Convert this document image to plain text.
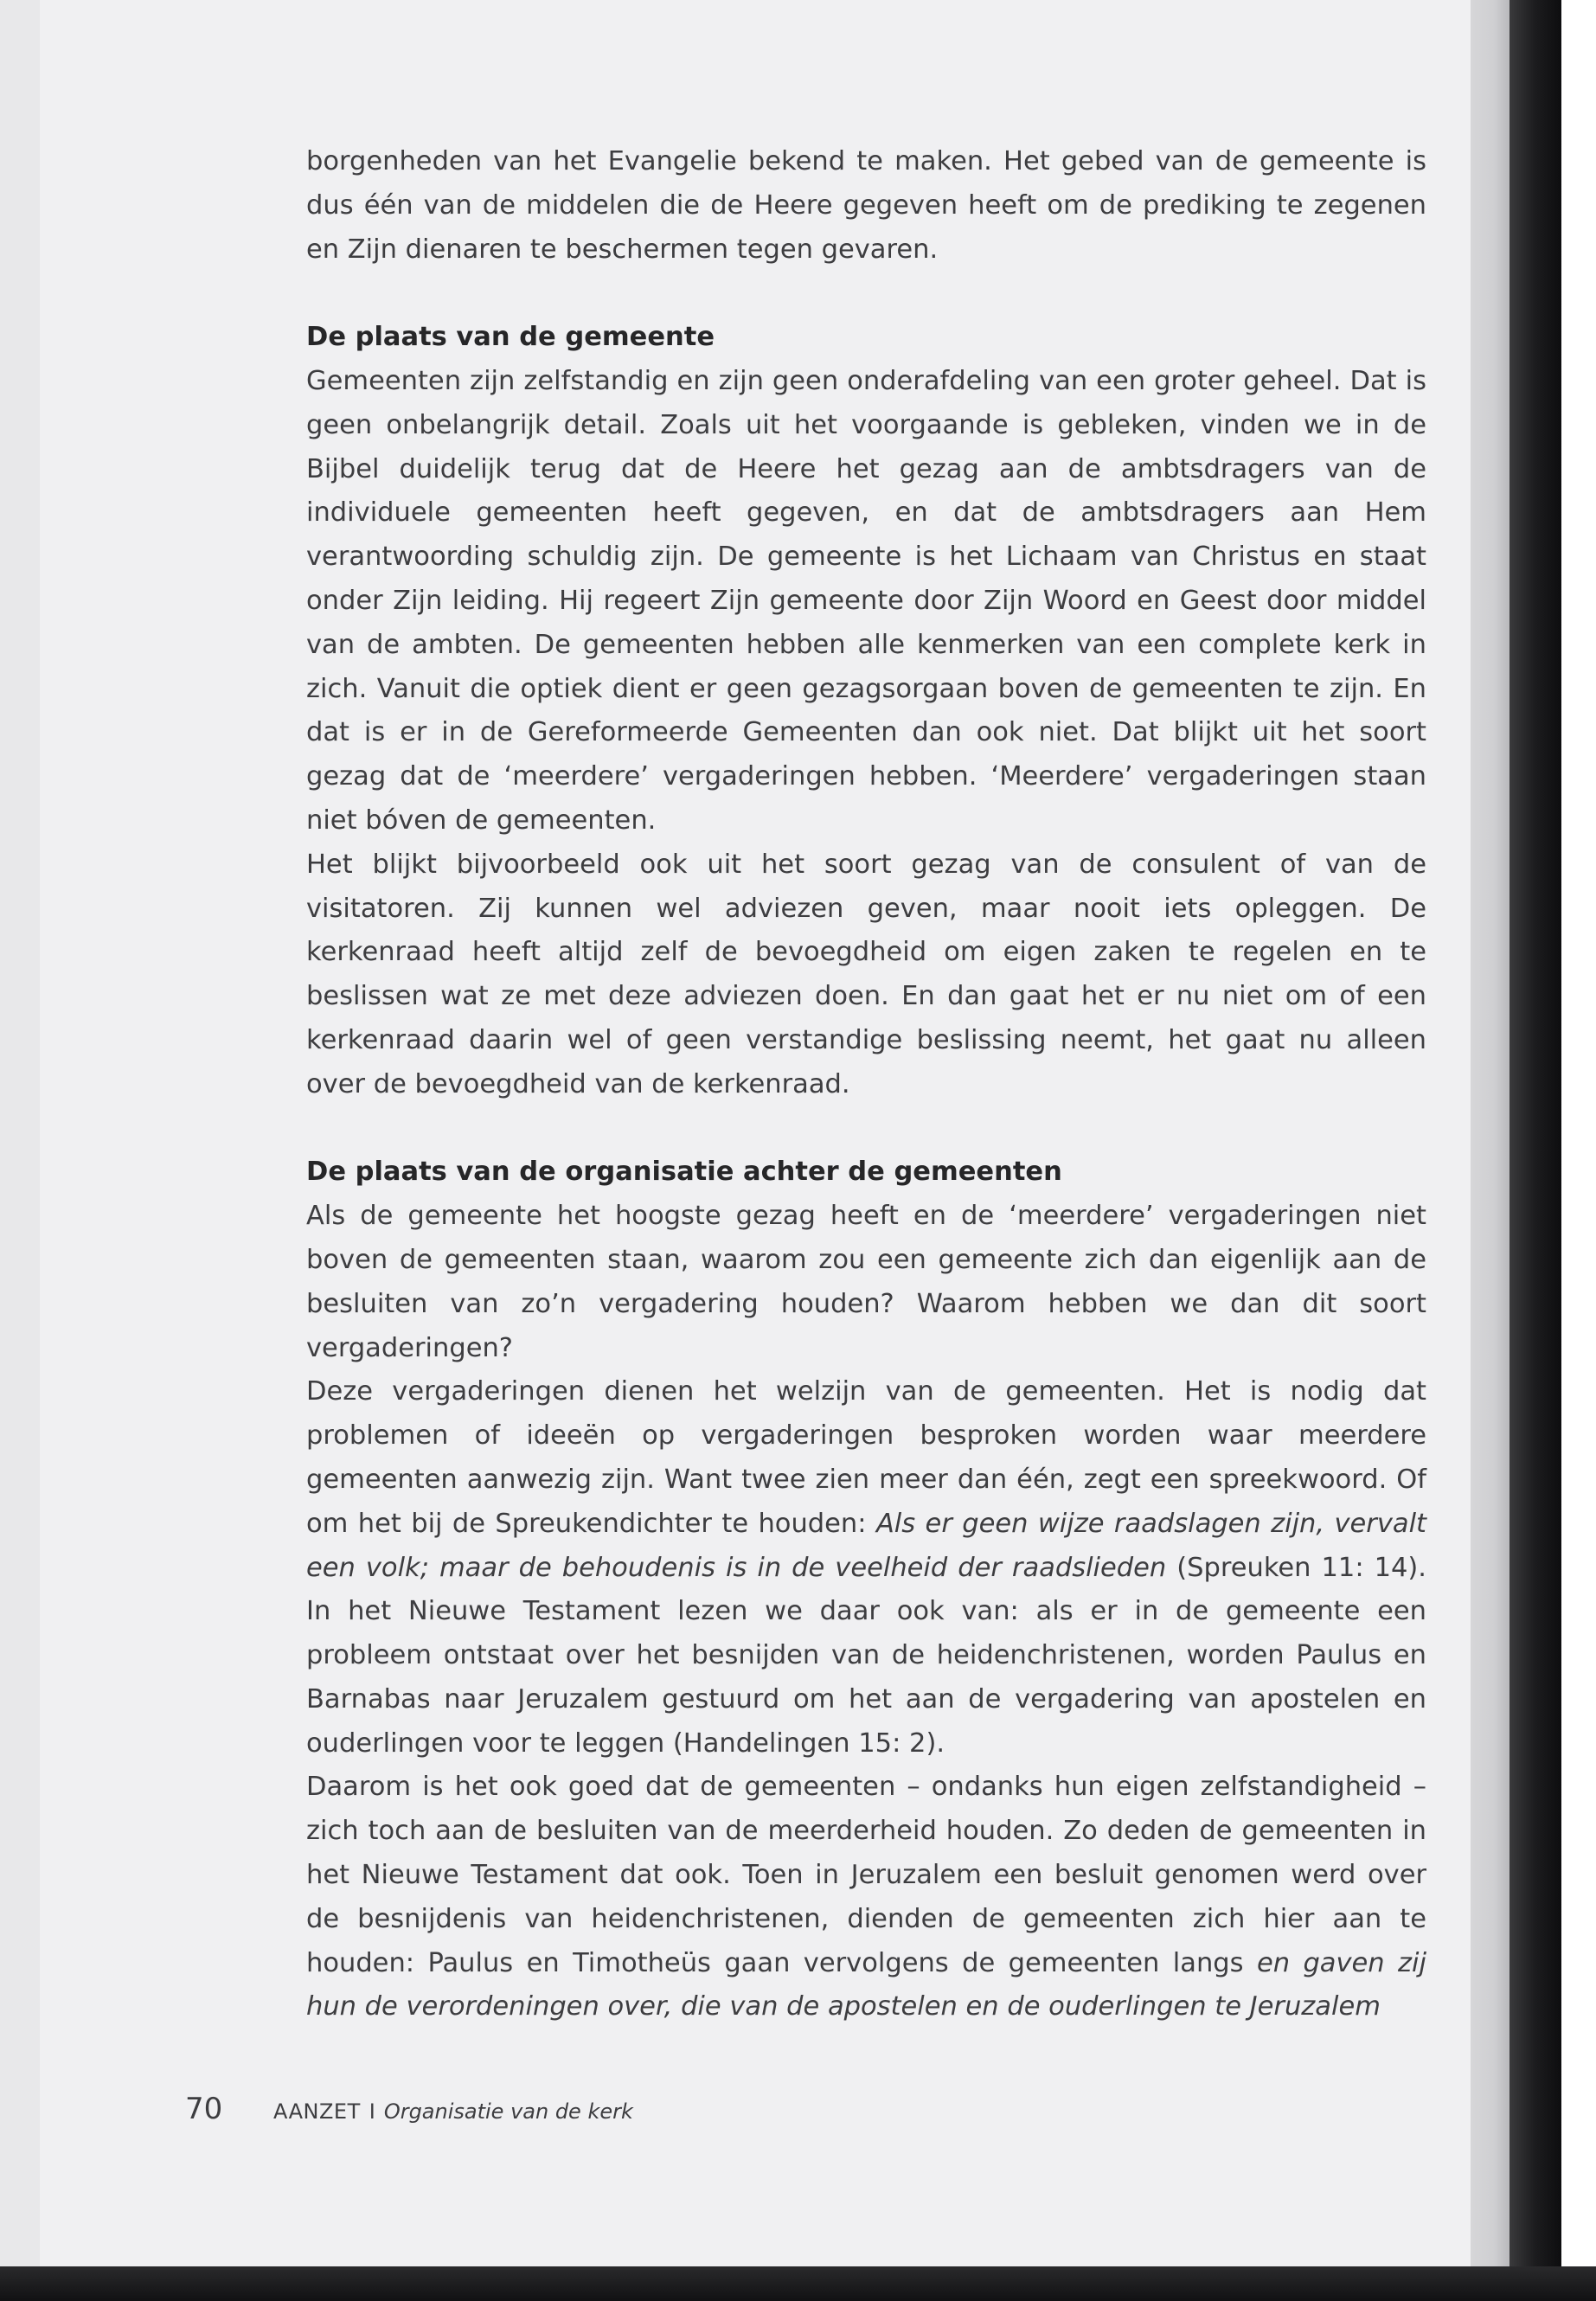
borgenheden van het Evangelie bekend te maken. Het gebed van de gemeente is dus één van de middelen die de Heere gegeven heeft om de prediking te zegenen en Zijn dienaren te beschermen tegen gevaren.

De plaats van de gemeente

Gemeenten zijn zelfstandig en zijn geen onderafdeling van een groter geheel. Dat is geen onbelangrijk detail. Zoals uit het voorgaande is gebleken, vinden we in de Bijbel duidelijk terug dat de Heere het gezag aan de ambtsdragers van de individuele gemeenten heeft gegeven, en dat de ambtsdragers aan Hem verantwoording schuldig zijn. De gemeente is het Lichaam van Christus en staat onder Zijn leiding. Hij regeert Zijn gemeente door Zijn Woord en Geest door middel van de ambten. De gemeenten hebben alle kenmerken van een complete kerk in zich. Vanuit die optiek dient er geen gezagsorgaan boven de gemeenten te zijn. En dat is er in de Gereformeerde Gemeenten dan ook niet. Dat blijkt uit het soort gezag dat de ‘meerdere’ vergaderingen hebben. ‘Meerdere’ vergaderingen staan niet bóven de gemeenten.

Het blijkt bijvoorbeeld ook uit het soort gezag van de consulent of van de visitatoren. Zij kunnen wel adviezen geven, maar nooit iets opleggen. De kerkenraad heeft altijd zelf de bevoegdheid om eigen zaken te regelen en te beslissen wat ze met deze adviezen doen. En dan gaat het er nu niet om of een kerkenraad daarin wel of geen verstandige beslissing neemt, het gaat nu alleen over de bevoegdheid van de kerkenraad.

De plaats van de organisatie achter de gemeenten

Als de gemeente het hoogste gezag heeft en de ‘meerdere’ vergaderingen niet boven de gemeenten staan, waarom zou een gemeente zich dan eigenlijk aan de besluiten van zo’n vergadering houden? Waarom hebben we dan dit soort vergaderingen?

Deze vergaderingen dienen het welzijn van de gemeenten. Het is nodig dat problemen of ideeën op vergaderingen besproken worden waar meerdere gemeenten aanwezig zijn. Want twee zien meer dan één, zegt een spreekwoord. Of om het bij de Spreukendichter te houden: Als er geen wijze raadslagen zijn, vervalt een volk; maar de behoudenis is in de veelheid der raadslieden (Spreuken 11: 14). In het Nieuwe Testament lezen we daar ook van: als er in de gemeente een probleem ontstaat over het besnijden van de heidenchristenen, worden Paulus en Barnabas naar Jeruzalem gestuurd om het aan de vergadering van apostelen en ouderlingen voor te leggen (Handelingen 15: 2).

Daarom is het ook goed dat de gemeenten – ondanks hun eigen zelfstandigheid – zich toch aan de besluiten van de meerderheid houden. Zo deden de gemeenten in het Nieuwe Testament dat ook. Toen in Jeruzalem een besluit genomen werd over de besnijdenis van heidenchristenen, dienden de gemeenten zich hier aan te houden: Paulus en Timotheüs gaan vervolgens de gemeenten langs en gaven zij hun de verordeningen over, die van de apostelen en de ouderlingen te Jeruzalem

70 AANZET I Organisatie van de kerk
